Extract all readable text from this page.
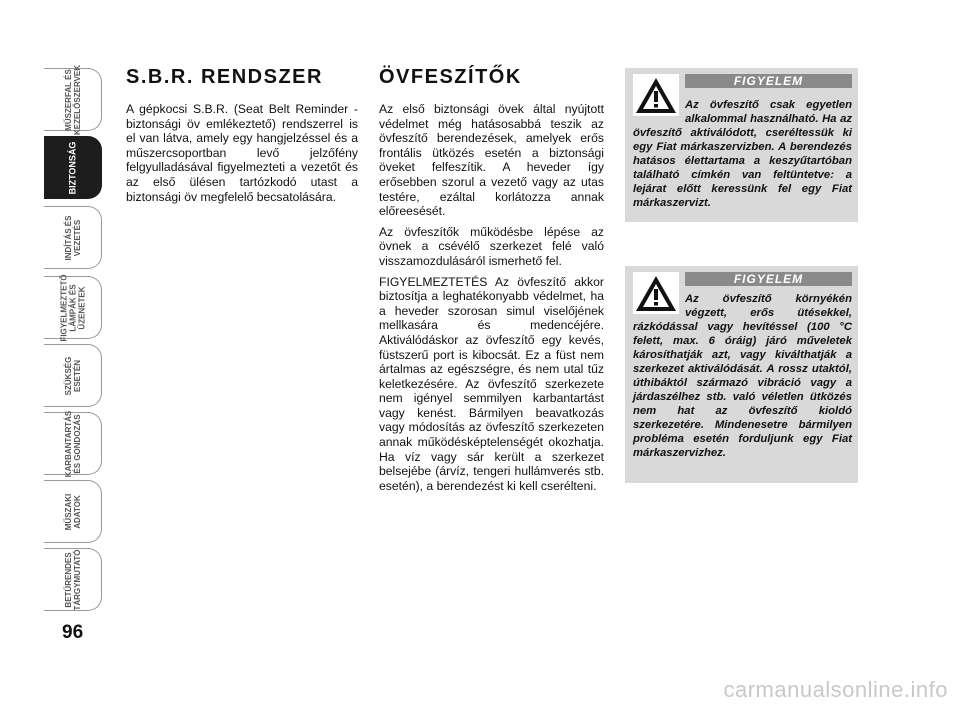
MŰSZERFAL ÉS
KEZELŐSZERVEK
BIZTONSÁG
INDÍTÁS ÉS
VEZETÉS
FIGYELMEZTETŐ
LÁMPÁK ÉS
ÜZENETEK
SZÜKSÉG
ESETÉN
KARBANTARTÁS
ÉS GONDOZÁS
MŰSZAKI
ADATOK
BETŰRENDES
TÁRGYMUTATÓ
96
S.B.R. RENDSZER

A gépkocsi S.B.R. (Seat Belt Reminder - biztonsági öv emlékeztető) rendszerrel is el van látva, amely egy hangjelzéssel és a műszercsoportban levő jelzőfény felgyulladásával figyelmezteti a vezetőt és az első ülésen tartózkodó utast a biztonsági öv megfelelő becsatolására.

ÖVFESZÍTŐK

Az első biztonsági övek által nyújtott védelmet még hatásosabbá teszik az övfeszítő berendezések, amelyek erős frontális ütközés esetén a biztonsági öveket felfeszítik. A heveder így erősebben szorul a vezető vagy az utas testére, ezáltal korlátozza annak előreesését.

Az övfeszítők működésbe lépése az övnek a csévélő szerkezet felé való visszamozdulásáról ismerhető fel.

FIGYELMEZTETÉS Az övfeszítő akkor biztosítja a leghatékonyabb védelmet, ha a heveder szorosan simul viselőjének mellkasára és medencéjére. Aktiválódáskor az övfeszítő egy kevés, füstszerű port is kibocsát. Ez a füst nem ártalmas az egészségre, és nem utal tűz keletkezésére. Az övfeszítő szerkezete nem igényel semmilyen karbantartást vagy kenést. Bármilyen beavatkozás vagy módosítás az övfeszítő szerkezeten annak működésképtelenségét okozhatja. Ha víz vagy sár került a szerkezet belsejébe (árvíz, tengeri hullámverés stb. esetén), a berendezést ki kell cserélteni.

FIGYELEM
Az övfeszítő csak egyetlen alkalommal használható. Ha az övfeszítő aktiválódott, cseréltessük ki egy Fiat márkaszervizben. A berendezés hatásos élettartama a keszyűtartóban található címkén van feltüntetve: a lejárat előtt keressünk fel egy Fiat márkaszervizt.
FIGYELEM
Az övfeszítő környékén végzett, erős ütésekkel, rázkódással vagy hevítéssel (100 °C felett, max. 6 óráig) járó műveletek károsíthatják azt, vagy kiválthatják a szerkezet aktiválódását. A rossz utaktól, úthibáktól származó vibráció vagy a járdaszélhez stb. való véletlen ütközés nem hat az övfeszítő kioldó szerkezetére. Mindenesetre bármilyen probléma esetén forduljunk egy Fiat márkaszervizhez.
carmanualsonline.info
